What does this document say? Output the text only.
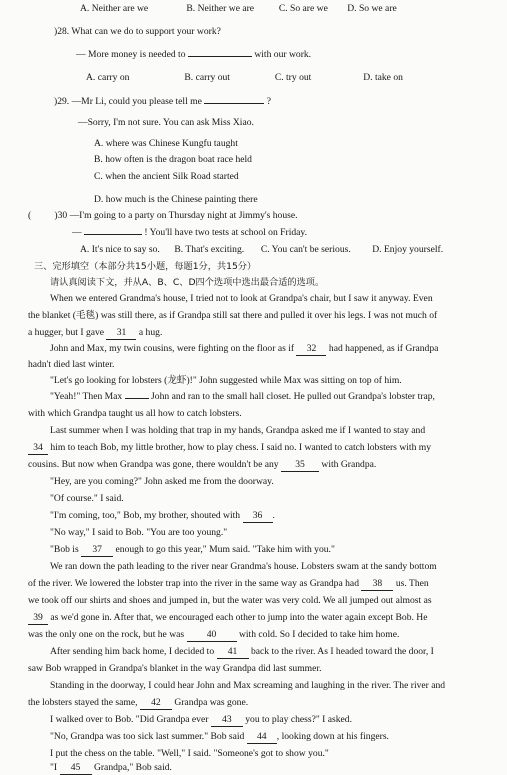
A. Neither are we	B. Neither we are	C. So are we D. So we are
)28. What can we do to support your work?
— More money is needed to	with our work.
A. carry on	B. carry out	C. try out	D. take on
)29. —Mr Li, could you please tell me	?
—Sorry, I'm not sure. You can ask Miss Xiao.
A. where was Chinese Kungfu taught
B. how often is the dragon boat race held
C. when the ancient Silk Road started
D. how much is the Chinese painting there
( )30 —I'm going to a party on Thursday night at Jimmy's house.
—	! You'll have two tests at school on Friday.
A. It's nice to say so. B. That's exciting. C. You can't be serious. D. Enjoy yourself.
三、完形填空（本部分共15小题，每题1分，共15分）
请认真阅读下文，并从A、B、C、D四个选项中选出最合适的选项。
When we entered Grandma's house, I tried not to look at Grandpa's chair, but I saw it anyway. Even
the blanket (毛毯) was still there, as if Grandpa still sat there and pulled it over his legs. I was not much of
a hugger, but I gave 31 a hug.
John and Max, my twin cousins, were fighting on the floor as if 32 had happened, as if Grandpa
hadn't died last winter.
"Let's go looking for lobsters (龙虾)!" John suggested while Max was sitting on top of him.
"Yeah!" Then Max	John and ran to the small hall closet. He pulled out Grandpa's lobster trap,
with which Grandpa taught us all how to catch lobsters.
Last summer when I was holding that trap in my hands, Grandpa asked me if I wanted to stay and
34 him to teach Bob, my little brother, how to play chess. I said no. I wanted to catch lobsters with my
cousins. But now when Grandpa was gone, there wouldn't be any 35 with Grandpa.
"Hey, are you coming?" John asked me from the doorway.
"Of course." I said.
"I'm coming, too," Bob, my brother, shouted with 36 .
"No way," I said to Bob. "You are too young."
"Bob is 37 enough to go this year," Mum said. "Take him with you."
We ran down the path leading to the river near Grandma's house. Lobsters swam at the sandy bottom
of the river. We lowered the lobster trap into the river in the same way as Grandpa had 38 us. Then
we took off our shirts and shoes and jumped in, but the water was very cold. We all jumped out almost as
39 as we'd gone in. After that, we encouraged each other to jump into the water again except Bob. He
was the only one on the rock, but he was 40 with cold. So I decided to take him home.
After sending him back home, I decided to 41 back to the river. As I headed toward the door, I
saw Bob wrapped in Grandpa's blanket in the way Grandpa did last summer.
Standing in the doorway, I could hear John and Max screaming and laughing in the river. The river and
the lobsters stayed the same, 42 Grandpa was gone.
I walked over to Bob. "Did Grandpa ever 43 you to play chess?" I asked.
"No, Grandpa was too sick last summer." Bob said 44 , looking down at his fingers.
I put the chess on the table. "Well," I said. "Someone's got to show you."
"I 45 Grandpa," Bob said.
